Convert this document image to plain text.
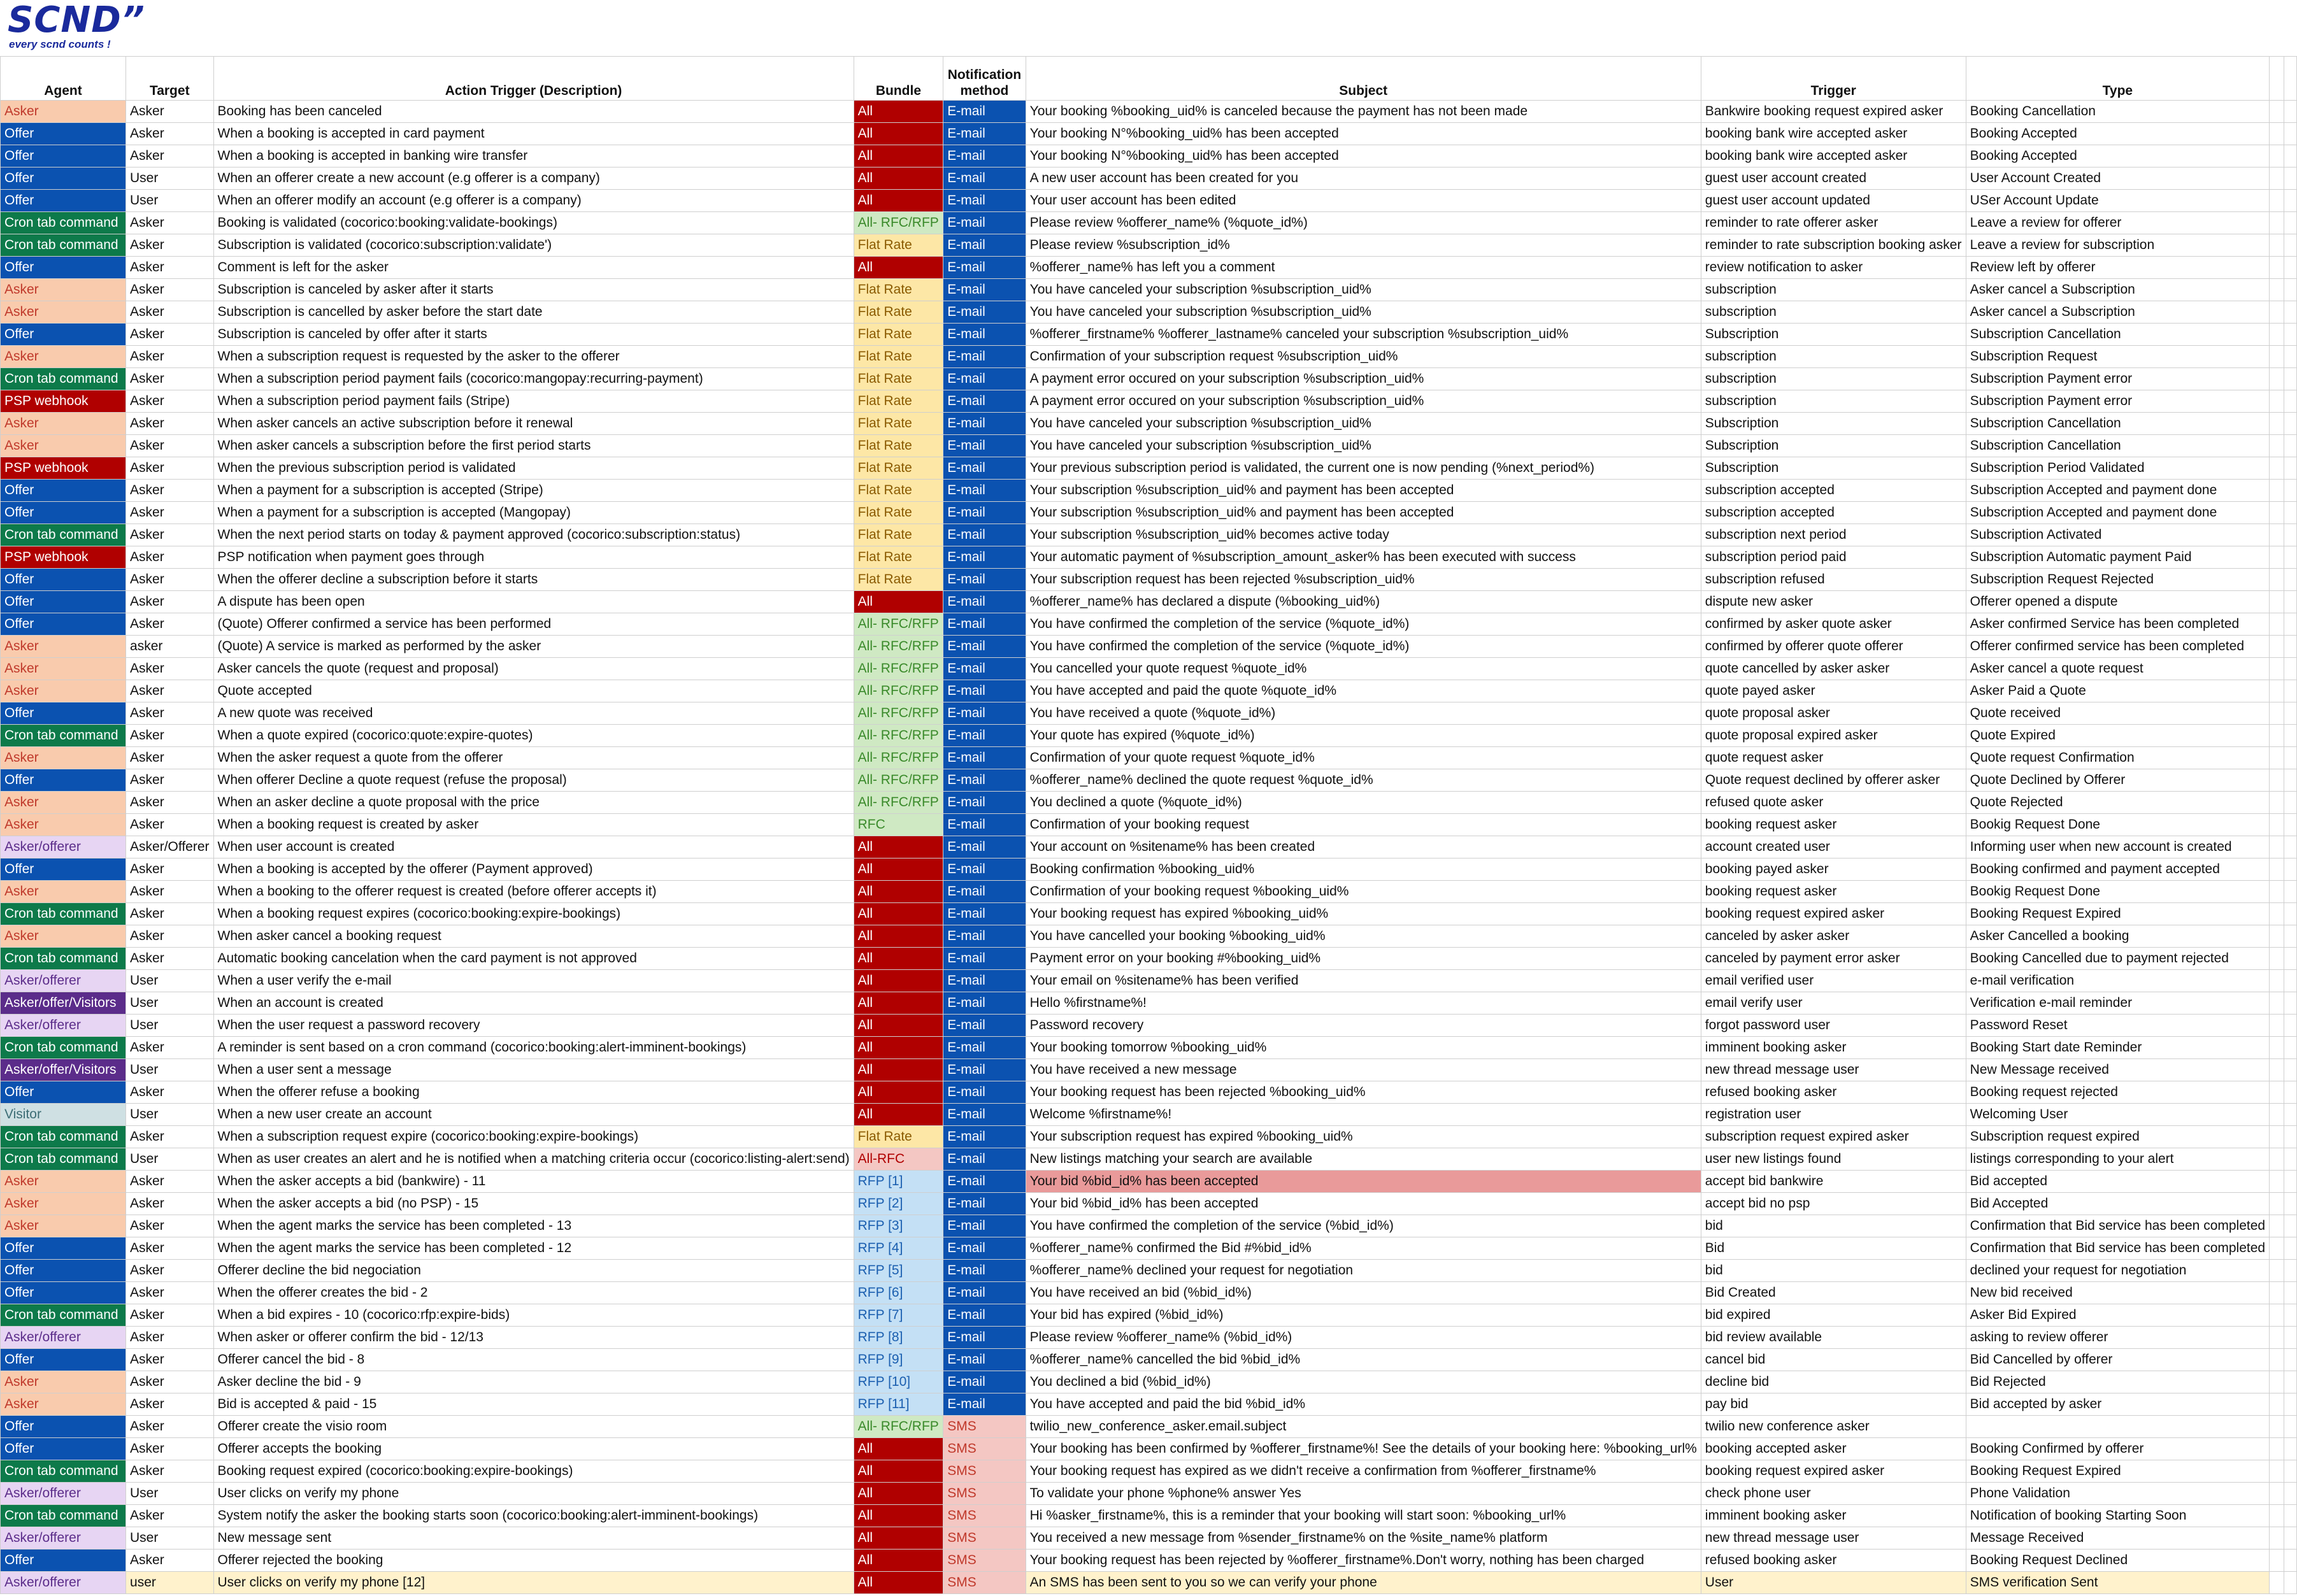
SCND”
every scnd counts !
Agent	Target	Action Trigger (Description)	Bundle	Notification method	Subject	Trigger	Type		
Asker	Asker	Booking has been canceled	All	E-mail	Your booking %booking_uid% is canceled because the payment has not been made	Bankwire booking request expired asker	Booking Cancellation		
Offer	Asker	When a booking is accepted in card payment	All	E-mail	Your booking N°%booking_uid% has been accepted	booking bank wire accepted asker	Booking Accepted		
Offer	Asker	When a booking is accepted in banking wire transfer	All	E-mail	Your booking N°%booking_uid% has been accepted	booking bank wire accepted asker	Booking Accepted		
Offer	User	When an offerer create a new account (e.g offerer is a company)	All	E-mail	A new user account has been created for you	guest user account created	User Account Created		
Offer	User	When an offerer modify an account (e.g offerer is a company)	All	E-mail	Your user account has been edited	guest user account updated	USer Account Update		
Cron tab command	Asker	Booking is validated (cocorico:booking:validate-bookings)	All- RFC/RFP	E-mail	Please review %offerer_name% (%quote_id%)	reminder to rate offerer asker	Leave a review for offerer		
Cron tab command	Asker	Subscription is validated (cocorico:subscription:validate')	Flat Rate	E-mail	Please review %subscription_id%	reminder to rate subscription booking asker	Leave a review for subscription		
Offer	Asker	Comment is left for the asker	All	E-mail	%offerer_name% has left you a comment	review notification to asker	Review left by offerer		
Asker	Asker	Subscription is canceled by asker after it starts	Flat Rate	E-mail	You have canceled your subscription %subscription_uid%	subscription	Asker cancel a Subscription		
Asker	Asker	Subscription is cancelled by asker before the start date	Flat Rate	E-mail	You have canceled your subscription %subscription_uid%	subscription	Asker cancel a Subscription		
Offer	Asker	Subscription is canceled by offer after it starts	Flat Rate	E-mail	%offerer_firstname% %offerer_lastname% canceled your subscription %subscription_uid%	Subscription	Subscription Cancellation		
Asker	Asker	When a subscription request is requested by the asker to the offerer	Flat Rate	E-mail	Confirmation of your subscription request %subscription_uid%	subscription	Subscription Request		
Cron tab command	Asker	When a subscription period payment fails (cocorico:mangopay:recurring-payment)	Flat Rate	E-mail	A payment error occured on your subscription %subscription_uid%	subscription	Subscription Payment error		
PSP webhook	Asker	When a subscription period payment fails (Stripe)	Flat Rate	E-mail	A payment error occured on your subscription %subscription_uid%	subscription	Subscription Payment error		
Asker	Asker	When asker cancels an active subscription before it renewal	Flat Rate	E-mail	You have canceled your subscription %subscription_uid%	Subscription	Subscription Cancellation		
Asker	Asker	When asker cancels a subscription before the first period starts	Flat Rate	E-mail	You have canceled your subscription %subscription_uid%	Subscription	Subscription Cancellation		
PSP webhook	Asker	When the previous subscription period is validated	Flat Rate	E-mail	Your previous subscription period is validated, the current one is now pending (%next_period%)	Subscription	Subscription Period Validated		
Offer	Asker	When a payment for a subscription is accepted (Stripe)	Flat Rate	E-mail	Your subscription %subscription_uid% and payment has been accepted	subscription accepted	Subscription Accepted and payment done		
Offer	Asker	When a payment for a subscription is accepted (Mangopay)	Flat Rate	E-mail	Your subscription %subscription_uid% and payment has been accepted	subscription accepted	Subscription Accepted and payment done		
Cron tab command	Asker	When the next period starts on today & payment approved (cocorico:subscription:status)	Flat Rate	E-mail	Your subscription %subscription_uid% becomes active today	subscription next period	Subscription Activated		
PSP webhook	Asker	PSP notification when payment goes through	Flat Rate	E-mail	Your automatic payment of %subscription_amount_asker% has been executed with success	subscription period paid	Subscription Automatic payment Paid		
Offer	Asker	When the offerer decline a subscription before it starts	Flat Rate	E-mail	Your subscription request has been rejected %subscription_uid%	subscription refused	Subscription Request Rejected		
Offer	Asker	A dispute has been open	All	E-mail	%offerer_name% has declared a dispute (%booking_uid%)	dispute new asker	Offerer opened a dispute		
Offer	Asker	(Quote) Offerer confirmed a service has been performed	All- RFC/RFP	E-mail	You have confirmed the completion of the service (%quote_id%)	confirmed by asker quote asker	Asker confirmed Service has been completed		
Asker	asker	(Quote) A service is marked as performed by the asker	All- RFC/RFP	E-mail	You have confirmed the completion of the service (%quote_id%)	confirmed by offerer quote offerer	Offerer confirmed service has been completed		
Asker	Asker	Asker cancels the quote (request and proposal)	All- RFC/RFP	E-mail	You cancelled your quote request %quote_id%	quote cancelled by asker asker	Asker cancel a quote request		
Asker	Asker	Quote accepted	All- RFC/RFP	E-mail	You have accepted and paid the quote %quote_id%	quote payed asker	Asker Paid a Quote		
Offer	Asker	A new quote was received	All- RFC/RFP	E-mail	You have received a quote (%quote_id%)	quote proposal asker	Quote received		
Cron tab command	Asker	When a quote expired (cocorico:quote:expire-quotes)	All- RFC/RFP	E-mail	Your quote has expired (%quote_id%)	quote proposal expired asker	Quote Expired		
Asker	Asker	When the asker request a quote from the offerer	All- RFC/RFP	E-mail	Confirmation of your quote request %quote_id%	quote request asker	Quote request Confirmation		
Offer	Asker	When offerer Decline a quote request (refuse the proposal)	All- RFC/RFP	E-mail	%offerer_name% declined the quote request %quote_id%	Quote request declined by offerer asker	Quote Declined by Offerer		
Asker	Asker	When an asker decline a quote proposal with the price	All- RFC/RFP	E-mail	You declined a quote (%quote_id%)	refused quote asker	Quote Rejected		
Asker	Asker	When a booking request is created by asker	RFC	E-mail	Confirmation of your booking request	booking request asker	Bookig Request Done		
Asker/offerer	Asker/Offerer	When user account is created	All	E-mail	Your account on %sitename% has been created	account created user	Informing user when new account is created		
Offer	Asker	When a booking is accepted by the offerer (Payment approved)	All	E-mail	Booking confirmation %booking_uid%	booking payed asker	Booking confirmed and payment accepted		
Asker	Asker	When a booking to the offerer request is created (before offerer accepts it)	All	E-mail	Confirmation of your booking request %booking_uid%	booking request asker	Bookig Request Done		
Cron tab command	Asker	When a booking request expires (cocorico:booking:expire-bookings)	All	E-mail	Your booking request has expired %booking_uid%	booking request expired asker	Booking Request Expired		
Asker	Asker	When asker cancel a booking request	All	E-mail	You have cancelled your booking %booking_uid%	canceled by asker asker	Asker Cancelled a booking		
Cron tab command	Asker	Automatic booking cancelation when the card payment is not approved	All	E-mail	Payment error on your booking #%booking_uid%	canceled by payment error asker	Booking Cancelled due to payment rejected		
Asker/offerer	User	When a user verify the e-mail	All	E-mail	Your email on %sitename% has been verified	email verified user	e-mail verification		
Asker/offer/Visitors	User	When an account is created	All	E-mail	Hello %firstname%!	email verify user	Verification e-mail reminder		
Asker/offerer	User	When the user request a password recovery	All	E-mail	Password recovery	forgot password user	Password Reset		
Cron tab command	Asker	A reminder is sent based on a cron command (cocorico:booking:alert-imminent-bookings)	All	E-mail	Your booking tomorrow %booking_uid%	imminent booking asker	Booking Start date Reminder		
Asker/offer/Visitors	User	When a user sent a message	All	E-mail	You have received a new message	new thread message user	New Message received		
Offer	Asker	When the offerer refuse a booking	All	E-mail	Your booking request has been rejected %booking_uid%	refused booking asker	Booking request rejected		
Visitor	User	When a new user create an account	All	E-mail	Welcome %firstname%!	registration user	Welcoming User		
Cron tab command	Asker	When a subscription request expire (cocorico:booking:expire-bookings)	Flat Rate	E-mail	Your subscription request has expired %booking_uid%	subscription request expired asker	Subscription request expired		
Cron tab command	User	When as user creates an alert and he is notified when a matching criteria occur (cocorico:listing-alert:send)	All-RFC	E-mail	New listings matching your search are available	user new listings found	listings corresponding to your alert		
Asker	Asker	When the asker accepts a bid (bankwire) - 11	RFP [1]	E-mail	Your bid %bid_id% has been accepted	accept bid bankwire	Bid accepted		
Asker	Asker	When the asker accepts a bid (no PSP) - 15	RFP [2]	E-mail	Your bid %bid_id% has been accepted	accept bid no psp	Bid Accepted		
Asker	Asker	When the agent marks the service has been completed - 13	RFP [3]	E-mail	You have confirmed the completion of the service (%bid_id%)	bid	Confirmation that Bid service has been completed		
Offer	Asker	When the agent marks the service has been completed - 12	RFP [4]	E-mail	%offerer_name% confirmed the Bid #%bid_id%	Bid	Confirmation that Bid service has been completed		
Offer	Asker	Offerer decline the bid negociation	RFP [5]	E-mail	%offerer_name% declined your request for negotiation	bid	declined your request for negotiation		
Offer	Asker	When the offerer creates the bid - 2	RFP [6]	E-mail	You have received an bid (%bid_id%)	Bid Created	New bid received		
Cron tab command	Asker	When a bid expires - 10 (cocorico:rfp:expire-bids)	RFP [7]	E-mail	Your bid has expired (%bid_id%)	bid expired	Asker Bid Expired		
Asker/offerer	Asker	When asker or offerer confirm the bid - 12/13	RFP [8]	E-mail	Please review %offerer_name% (%bid_id%)	bid review available	asking to review offerer		
Offer	Asker	Offerer cancel the bid - 8	RFP [9]	E-mail	%offerer_name% cancelled the bid %bid_id%	cancel bid	Bid Cancelled by offerer		
Asker	Asker	Asker decline the bid - 9	RFP [10]	E-mail	You declined a bid (%bid_id%)	decline bid	Bid Rejected		
Asker	Asker	Bid is accepted & paid - 15	RFP [11]	E-mail	You have accepted and paid the bid %bid_id%	pay bid	Bid accepted by asker		
Offer	Asker	Offerer create the visio room	All- RFC/RFP	SMS	twilio_new_conference_asker.email.subject	twilio new conference asker			
Offer	Asker	Offerer accepts the booking	All	SMS	Your booking has been confirmed by %offerer_firstname%! See the details of your booking here: %booking_url%	booking accepted asker	Booking Confirmed by offerer		
Cron tab command	Asker	Booking request expired (cocorico:booking:expire-bookings)	All	SMS	Your booking request has expired as we didn't receive a confirmation from %offerer_firstname%	booking request expired asker	Booking Request Expired		
Asker/offerer	User	User clicks on verify my phone	All	SMS	To validate your phone %phone% answer Yes	check phone user	Phone Validation		
Cron tab command	Asker	System notify the asker the booking starts soon (cocorico:booking:alert-imminent-bookings)	All	SMS	Hi %asker_firstname%, this is a reminder that your booking will start soon: %booking_url%	imminent booking asker	Notification of booking Starting Soon		
Asker/offerer	User	New message sent	All	SMS	You received a new message from %sender_firstname% on the %site_name% platform	new thread message user	Message Received		
Offer	Asker	Offerer rejected the booking	All	SMS	Your booking request has been rejected by %offerer_firstname%.Don't worry, nothing has been charged	refused booking asker	Booking Request Declined		
Asker/offerer	user	User clicks on verify my phone [12]	All	SMS	An SMS has been sent to you so we can verify your phone	User	SMS verification Sent		
